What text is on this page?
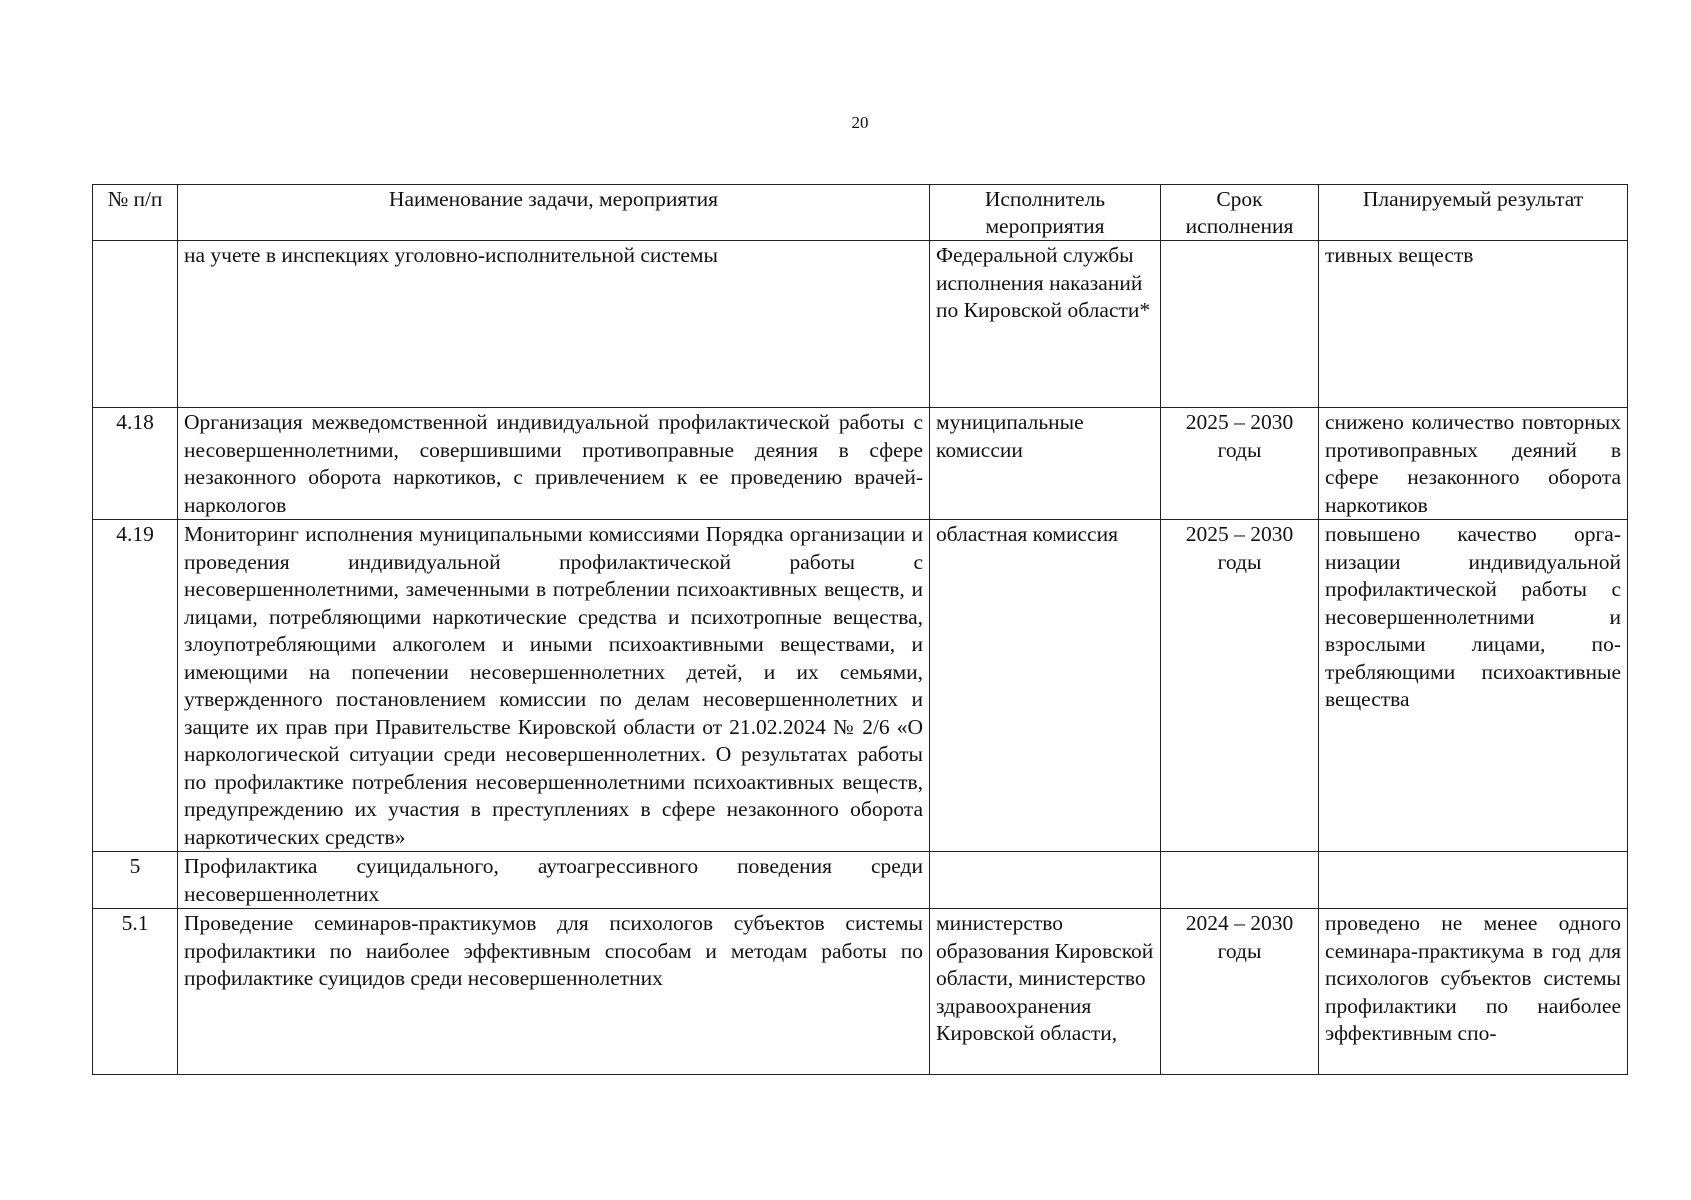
20
№ п/п	Наименование задачи, мероприятия	Исполнитель мероприятия	Срок исполнения	Планируемый результат
	на учете в инспекциях уголовно-исполнительной системы	Федеральной службы исполнения наказаний по Кировской области*		тивных веществ
4.18	Организация межведомственной индивидуальной профилактической работы с несовершеннолетними, совершившими противоправные деяния в сфере незаконного оборота наркотиков, с привлечением к ее проведению врачей-наркологов	муниципальные комиссии	2025 – 2030 годы	снижено количество повторных противоправных деяний в сфере незаконного оборота наркотиков
4.19	Мониторинг исполнения муниципальными комиссиями Порядка организации и проведения индивидуальной профилактической работы с несовершеннолетними, замеченными в потреблении психоактивных веществ, и лицами, потребляющими наркотические средства и психотропные вещества, злоупотребляющими алкоголем и иными психоактивными веществами, и имеющими на попечении несовершеннолетних детей, и их семьями, утвержденного постановлением комиссии по делам несовершеннолетних и защите их прав при Правительстве Кировской области от 21.02.2024 № 2/6 «О наркологической ситуации среди несовершеннолетних. О результатах работы по профилактике потребления несовершеннолетними психоактивных веществ, предупреждению их участия в преступлениях в сфере незаконного оборота наркотических средств»	областная комиссия	2025 – 2030 годы	повышено качество организации индивидуальной профилактической работы с несовершеннолетними и взрослыми лицами, потребляющими психоактивные вещества
5	Профилактика суицидального, аутоагрессивного поведения среди несовершеннолетних			
5.1	Проведение семинаров-практикумов для психологов субъектов системы профилактики по наиболее эффективным способам и методам работы по профилактике суицидов среди несовершеннолетних	министерство образования Кировской области, министерство здравоохранения Кировской области,	2024 – 2030 годы	проведено не менее одного семинара-практикума в год для психологов субъектов системы профилактики по наиболее эффективным спо-
